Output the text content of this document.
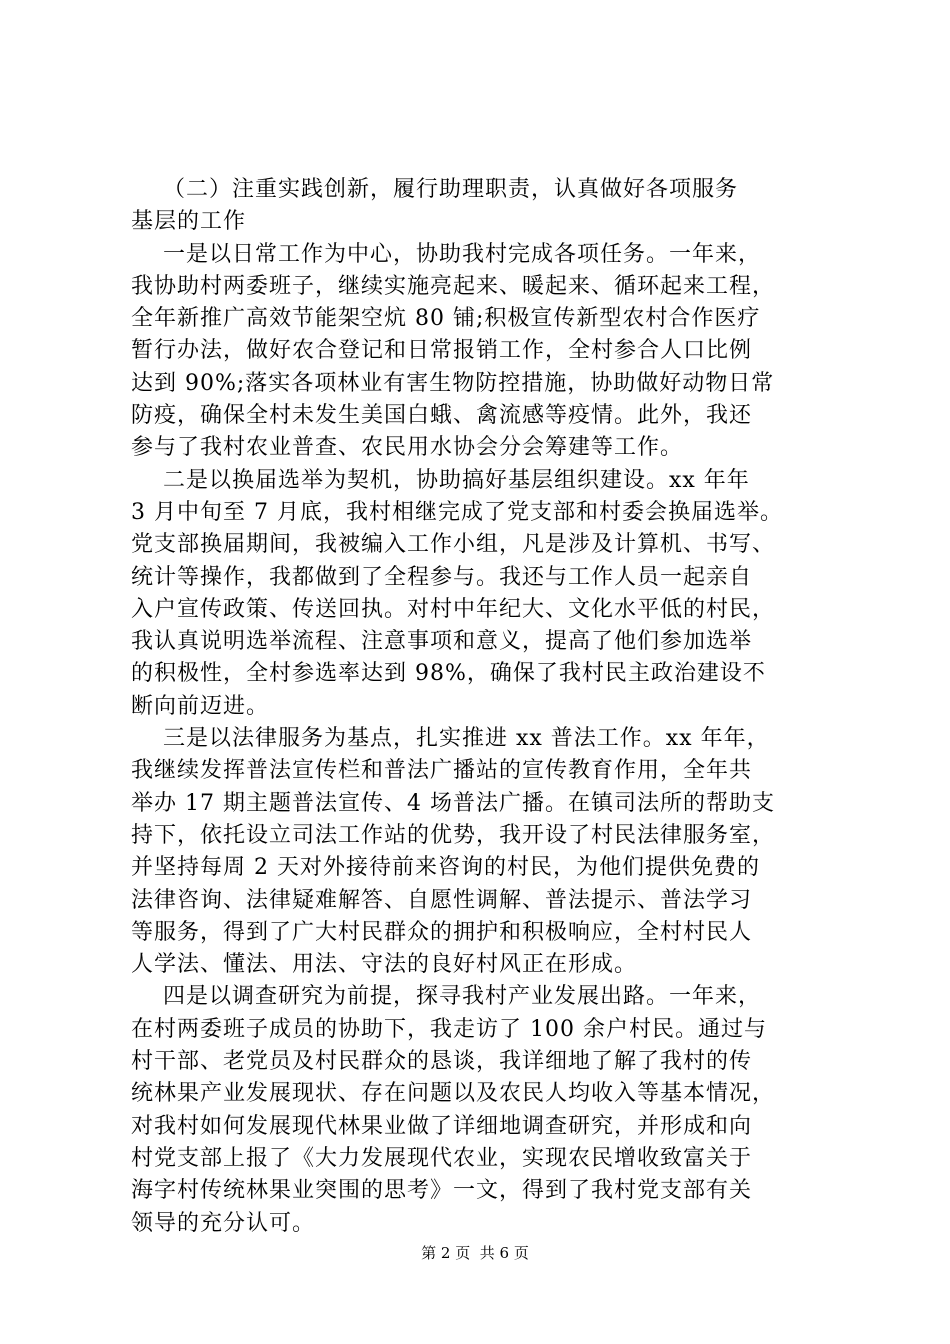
（二）注重实践创新，履行助理职责，认真做好各项服务
基层的工作
一是以日常工作为中心，协助我村完成各项任务。一年来，
我协助村两委班子，继续实施亮起来、暖起来、循环起来工程，
全年新推广高效节能架空炕 80 铺;积极宣传新型农村合作医疗
暂行办法，做好农合登记和日常报销工作，全村参合人口比例
达到 90%;落实各项林业有害生物防控措施，协助做好动物日常
防疫，确保全村未发生美国白蛾、禽流感等疫情。此外，我还
参与了我村农业普查、农民用水协会分会筹建等工作。
二是以换届选举为契机，协助搞好基层组织建设。xx 年年
3 月中旬至 7 月底，我村相继完成了党支部和村委会换届选举。
党支部换届期间，我被编入工作小组，凡是涉及计算机、书写、
统计等操作，我都做到了全程参与。我还与工作人员一起亲自
入户宣传政策、传送回执。对村中年纪大、文化水平低的村民，
我认真说明选举流程、注意事项和意义，提高了他们参加选举
的积极性，全村参选率达到 98%，确保了我村民主政治建设不
断向前迈进。
三是以法律服务为基点，扎实推进 xx 普法工作。xx 年年，
我继续发挥普法宣传栏和普法广播站的宣传教育作用，全年共
举办 17 期主题普法宣传、4 场普法广播。在镇司法所的帮助支
持下，依托设立司法工作站的优势，我开设了村民法律服务室，
并坚持每周 2 天对外接待前来咨询的村民，为他们提供免费的
法律咨询、法律疑难解答、自愿性调解、普法提示、普法学习
等服务，得到了广大村民群众的拥护和积极响应，全村村民人
人学法、懂法、用法、守法的良好村风正在形成。
四是以调查研究为前提，探寻我村产业发展出路。一年来，
在村两委班子成员的协助下，我走访了 100 余户村民。通过与
村干部、老党员及村民群众的恳谈，我详细地了解了我村的传
统林果产业发展现状、存在问题以及农民人均收入等基本情况，
对我村如何发展现代林果业做了详细地调查研究，并形成和向
村党支部上报了《大力发展现代农业，实现农民增收致富关于
海字村传统林果业突围的思考》一文，得到了我村党支部有关
领导的充分认可。
第 2 页  共 6 页
